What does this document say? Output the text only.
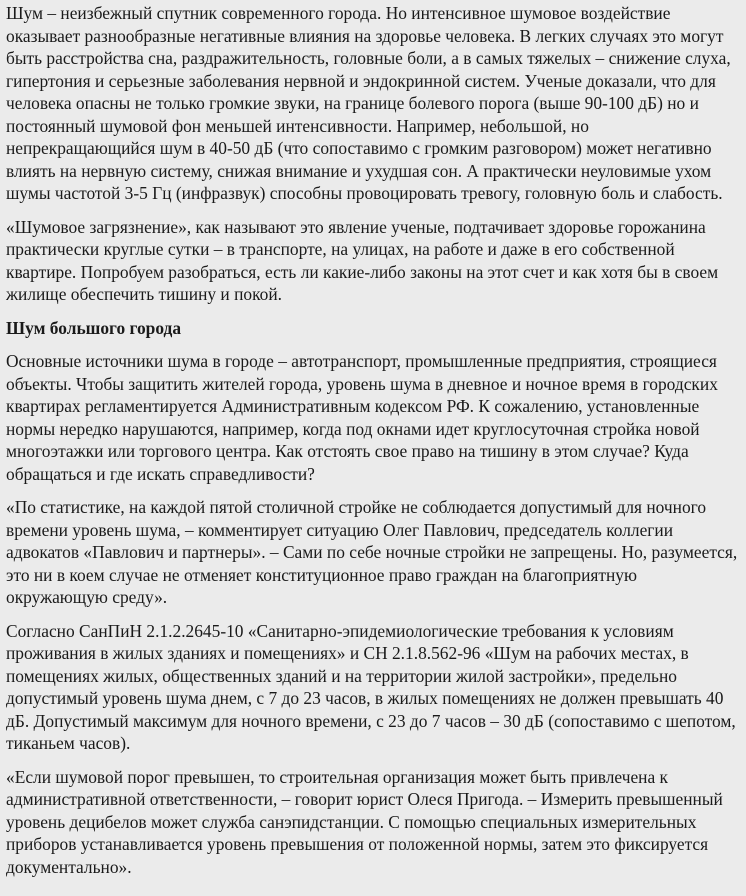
Шум – неизбежный спутник современного города. Но интенсивное шумовое воздействие оказывает разнообразные негативные влияния на здоровье человека. В легких случаях это могут быть расстройства сна, раздражительность, головные боли, а в самых тяжелых – снижение слуха, гипертония и серьезные заболевания нервной и эндокринной систем. Ученые доказали, что для человека опасны не только громкие звуки, на границе болевого порога (выше 90-100 дБ) но и постоянный шумовой фон меньшей интенсивности. Например, небольшой, но непрекращающийся шум в 40-50 дБ (что сопоставимо с громким разговором) может негативно влиять на нервную систему, снижая внимание и ухудшая сон. А практически неуловимые ухом шумы частотой 3-5 Гц (инфразвук) способны провоцировать тревогу, головную боль и слабость.

«Шумовое загрязнение», как называют это явление ученые, подтачивает здоровье горожанина практически круглые сутки – в транспорте, на улицах, на работе и даже в его собственной квартире. Попробуем разобраться, есть ли какие-либо законы на этот счет и как хотя бы в своем жилище обеспечить тишину и покой.

Шум большого города

Основные источники шума в городе – автотранспорт, промышленные предприятия, строящиеся объекты. Чтобы защитить жителей города, уровень шума в дневное и ночное время в городских квартирах регламентируется Административным кодексом РФ. К сожалению, установленные нормы нередко нарушаются, например, когда под окнами идет круглосуточная стройка новой многоэтажки или торгового центра. Как отстоять свое право на тишину в этом случае? Куда обращаться и где искать справедливости?

«По статистике, на каждой пятой столичной стройке не соблюдается допустимый для ночного времени уровень шума, – комментирует ситуацию Олег Павлович, председатель коллегии адвокатов «Павлович и партнеры». – Сами по себе ночные стройки не запрещены. Но, разумеется, это ни в коем случае не отменяет конституционное право граждан на благоприятную окружающую среду».

Согласно СанПиН 2.1.2.2645-10 «Санитарно-эпидемиологические требования к условиям проживания в жилых зданиях и помещениях» и СН 2.1.8.562-96 «Шум на рабочих местах, в помещениях жилых, общественных зданий и на территории жилой застройки», предельно допустимый уровень шума днем, с 7 до 23 часов, в жилых помещениях не должен превышать 40 дБ. Допустимый максимум для ночного времени, с 23 до 7 часов – 30 дБ (сопоставимо с шепотом, тиканьем часов).

«Если шумовой порог превышен, то строительная организация может быть привлечена к административной ответственности, – говорит юрист Олеся Пригода. – Измерить превышенный уровень децибелов может служба санэпидстанции. С помощью специальных измерительных приборов устанавливается уровень превышения от положенной нормы, затем это фиксируется документально».
